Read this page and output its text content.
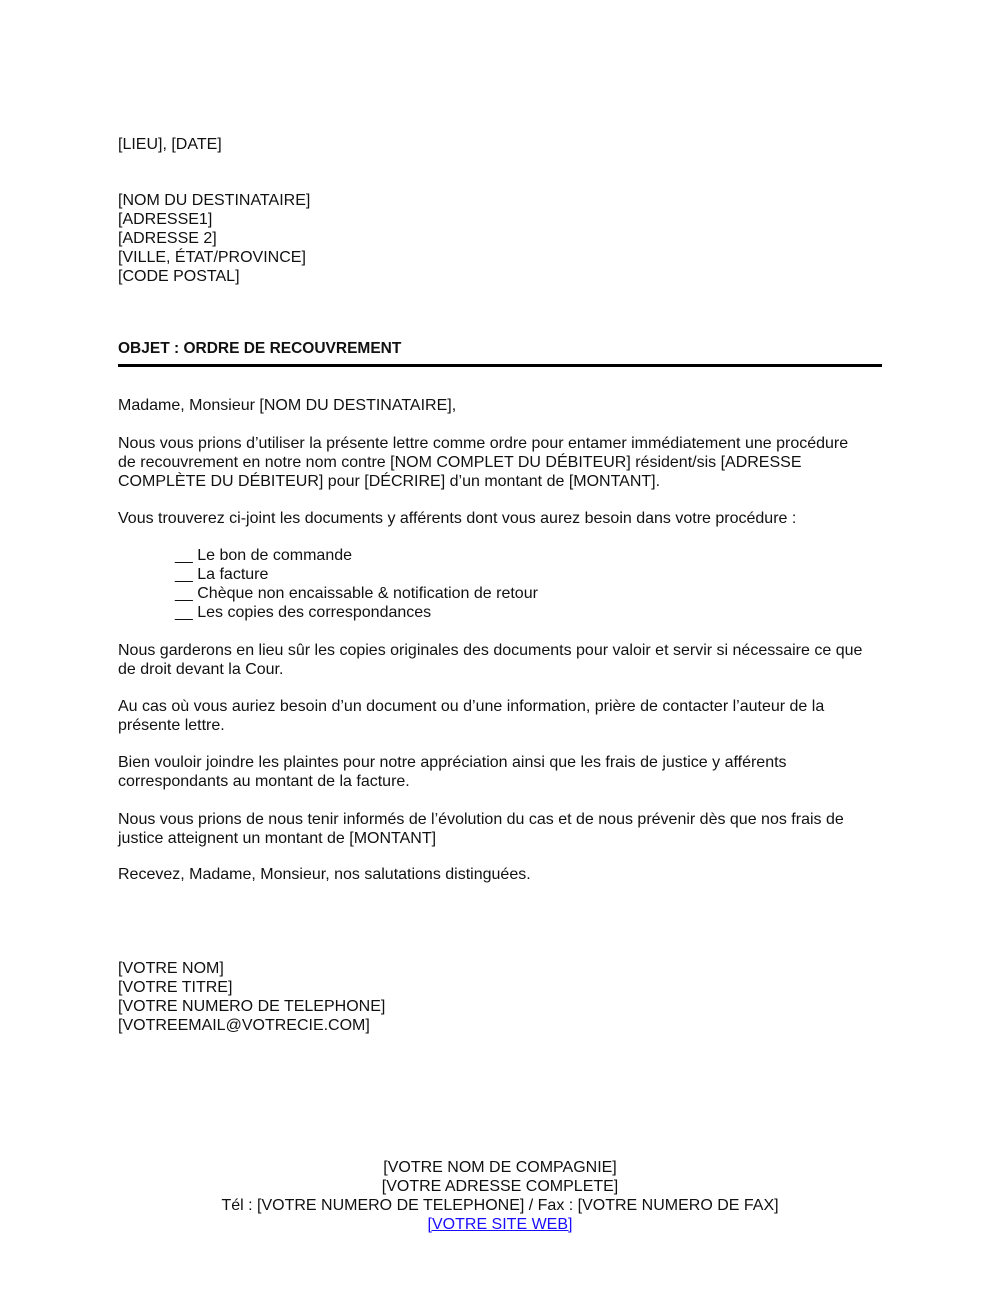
[LIEU], [DATE]
[NOM DU DESTINATAIRE]
[ADRESSE1]
[ADRESSE 2]
[VILLE, ÉTAT/PROVINCE]
[CODE POSTAL]
OBJET : ORDRE DE RECOUVREMENT
Madame, Monsieur [NOM DU DESTINATAIRE],
Nous vous prions d’utiliser la présente lettre comme ordre pour entamer immédiatement une procédure
de recouvrement en notre nom contre [NOM COMPLET DU DÉBITEUR] résident/sis [ADRESSE
COMPLÈTE DU DÉBITEUR] pour [DÉCRIRE] d’un montant de [MONTANT].
Vous trouverez ci-joint les documents y afférents dont vous aurez besoin dans votre procédure :
__ Le bon de commande
__ La facture
__ Chèque non encaissable & notification de retour
__ Les copies des correspondances
Nous garderons en lieu sûr les copies originales des documents pour valoir et servir si nécessaire ce que
de droit devant la Cour.
Au cas où vous auriez besoin d’un document ou d’une information, prière de contacter l’auteur de la
présente lettre.
Bien vouloir joindre les plaintes pour notre appréciation ainsi que les frais de justice y afférents
correspondants au montant de la facture.
Nous vous prions de nous tenir informés de l’évolution du cas et de nous prévenir dès que nos frais de
justice atteignent un montant de [MONTANT]
Recevez, Madame, Monsieur, nos salutations distinguées.
[VOTRE NOM]
[VOTRE TITRE]
[VOTRE NUMERO DE TELEPHONE]
[VOTREEMAIL@VOTRECIE.COM]
[VOTRE NOM DE COMPAGNIE]
[VOTRE ADRESSE COMPLETE]
Tél : [VOTRE NUMERO DE TELEPHONE] / Fax : [VOTRE NUMERO DE FAX]
[VOTRE SITE WEB]
